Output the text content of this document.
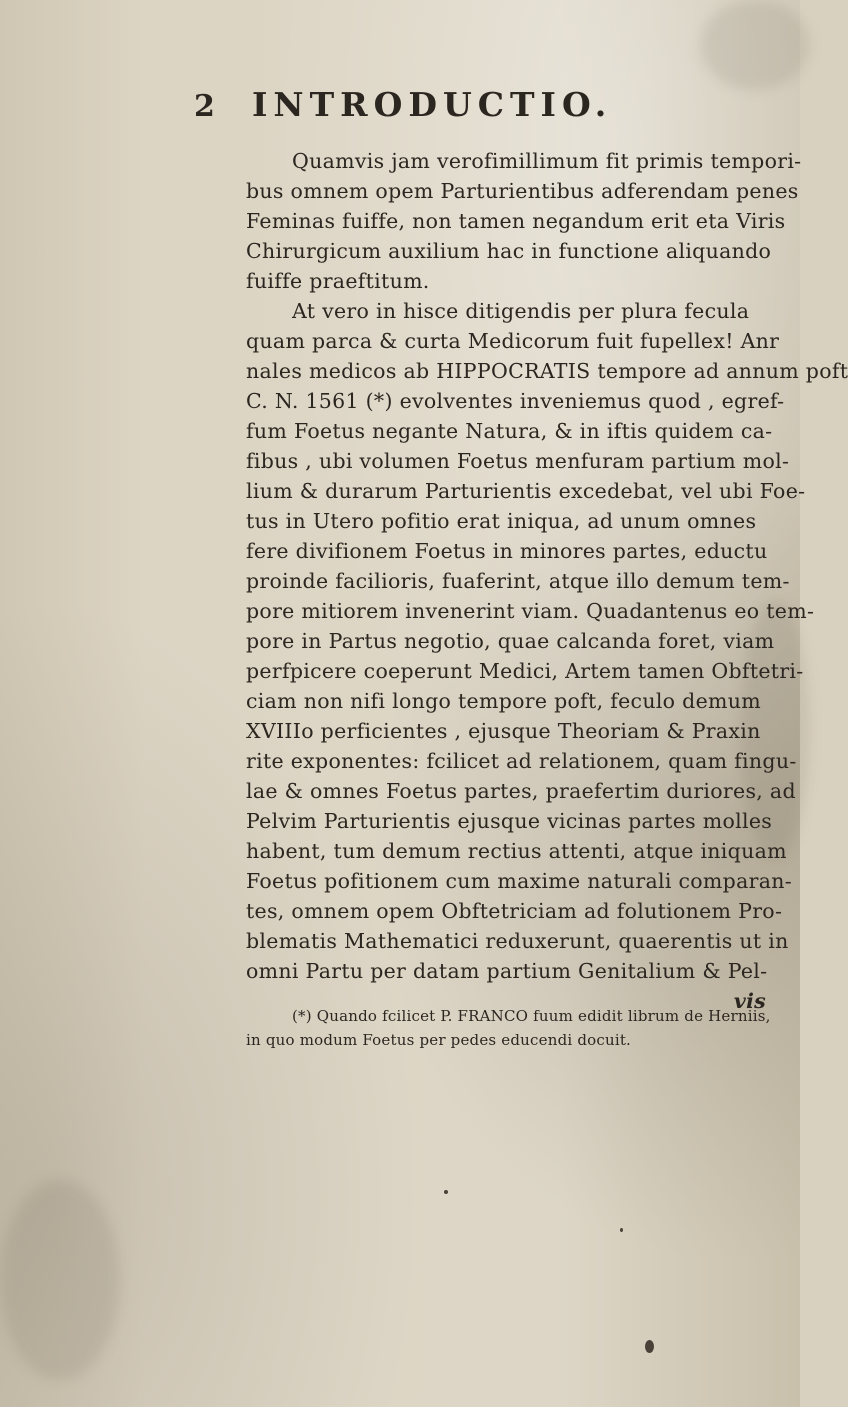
2 INTRODUCTIO.
Quamvis jam verofimillimum fit primis tempori-
bus omnem opem Parturientibus adferendam penes
Feminas fuiffe, non tamen negandum erit eta Viris
Chirurgicum auxilium hac in functione aliquando
fuiffe praeftitum.
At vero in hisce ditigendis per plura fecula
quam parca & curta Medicorum fuit fupellex! Anr
nales medicos ab HIPPOCRATIS tempore ad annum poft
C. N. 1561 (*) evolventes inveniemus quod , egref-
fum Foetus negante Natura, & in iftis quidem ca-
fibus , ubi volumen Foetus menfuram partium mol-
lium & durarum Parturientis excedebat, vel ubi Foe-
tus in Utero pofitio erat iniqua, ad unum omnes
fere divifionem Foetus in minores partes, eductu
proinde facilioris, fuaferint, atque illo demum tem-
pore mitiorem invenerint viam. Quadantenus eo tem-
pore in Partus negotio, quae calcanda foret, viam
perfpicere coeperunt Medici, Artem tamen Obftetri-
ciam non nifi longo tempore poft, feculo demum
XVIIIo perficientes , ejusque Theoriam & Praxin
rite exponentes: fcilicet ad relationem, quam fingu-
lae & omnes Foetus partes, praefertim duriores, ad
Pelvim Parturientis ejusque vicinas partes molles
habent, tum demum rectius attenti, atque iniquam
Foetus pofitionem cum maxime naturali comparan-
tes, omnem opem Obftetriciam ad folutionem Pro-
blematis Mathematici reduxerunt, quaerentis ut in
omni Partu per datam partium Genitalium & Pel-
vis
(*) Quando fcilicet P. FRANCO fuum edidit librum de Herniis,
in quo modum Foetus per pedes educendi docuit.
